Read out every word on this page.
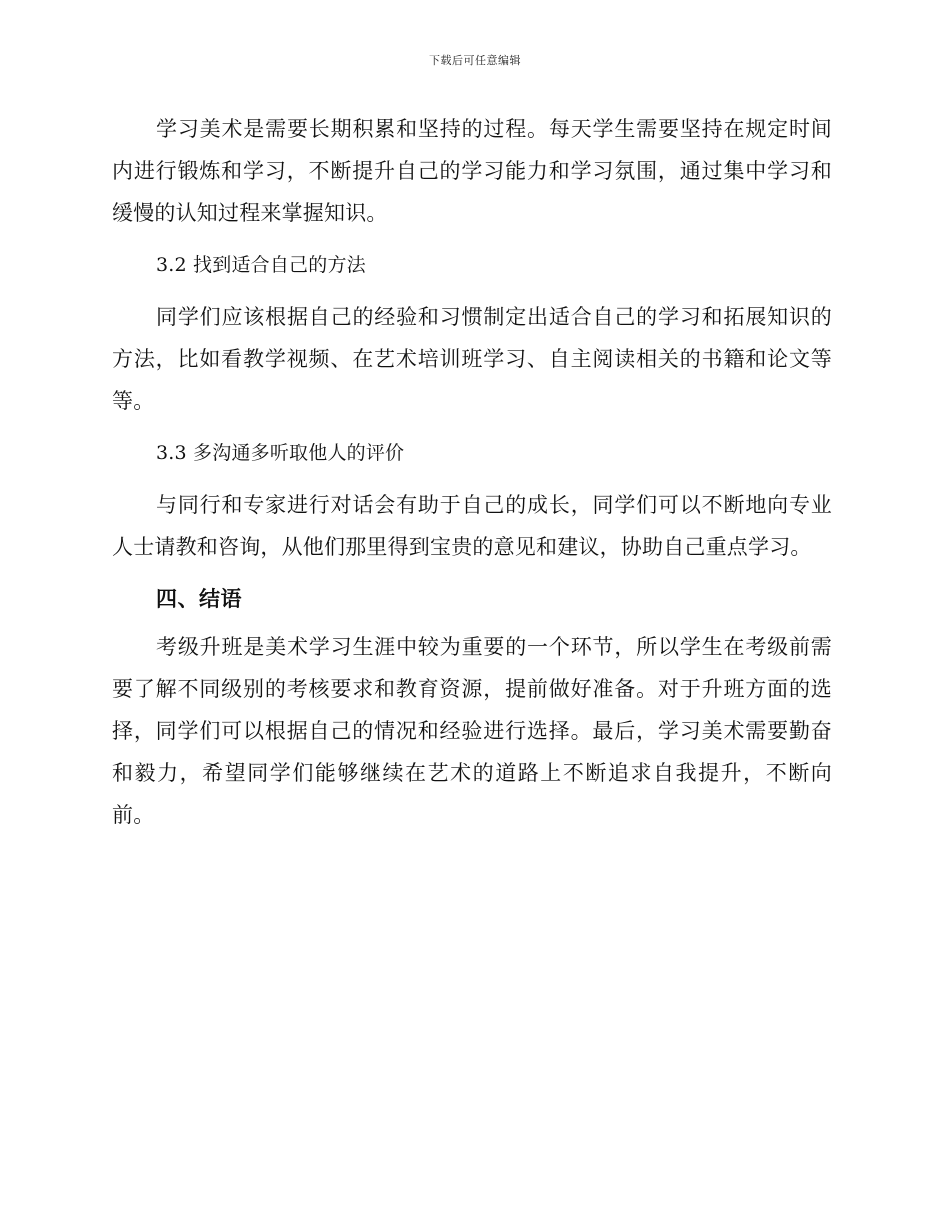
下载后可任意编辑

学习美术是需要长期积累和坚持的过程。每天学生需要坚持在规定时间内进行锻炼和学习，不断提升自己的学习能力和学习氛围，通过集中学习和缓慢的认知过程来掌握知识。

3.2 找到适合自己的方法

同学们应该根据自己的经验和习惯制定出适合自己的学习和拓展知识的方法，比如看教学视频、在艺术培训班学习、自主阅读相关的书籍和论文等等。

3.3 多沟通多听取他人的评价

与同行和专家进行对话会有助于自己的成长，同学们可以不断地向专业人士请教和咨询，从他们那里得到宝贵的意见和建议，协助自己重点学习。

四、结语

考级升班是美术学习生涯中较为重要的一个环节，所以学生在考级前需要了解不同级别的考核要求和教育资源，提前做好准备。对于升班方面的选择，同学们可以根据自己的情况和经验进行选择。最后，学习美术需要勤奋和毅力，希望同学们能够继续在艺术的道路上不断追求自我提升，不断向前。
